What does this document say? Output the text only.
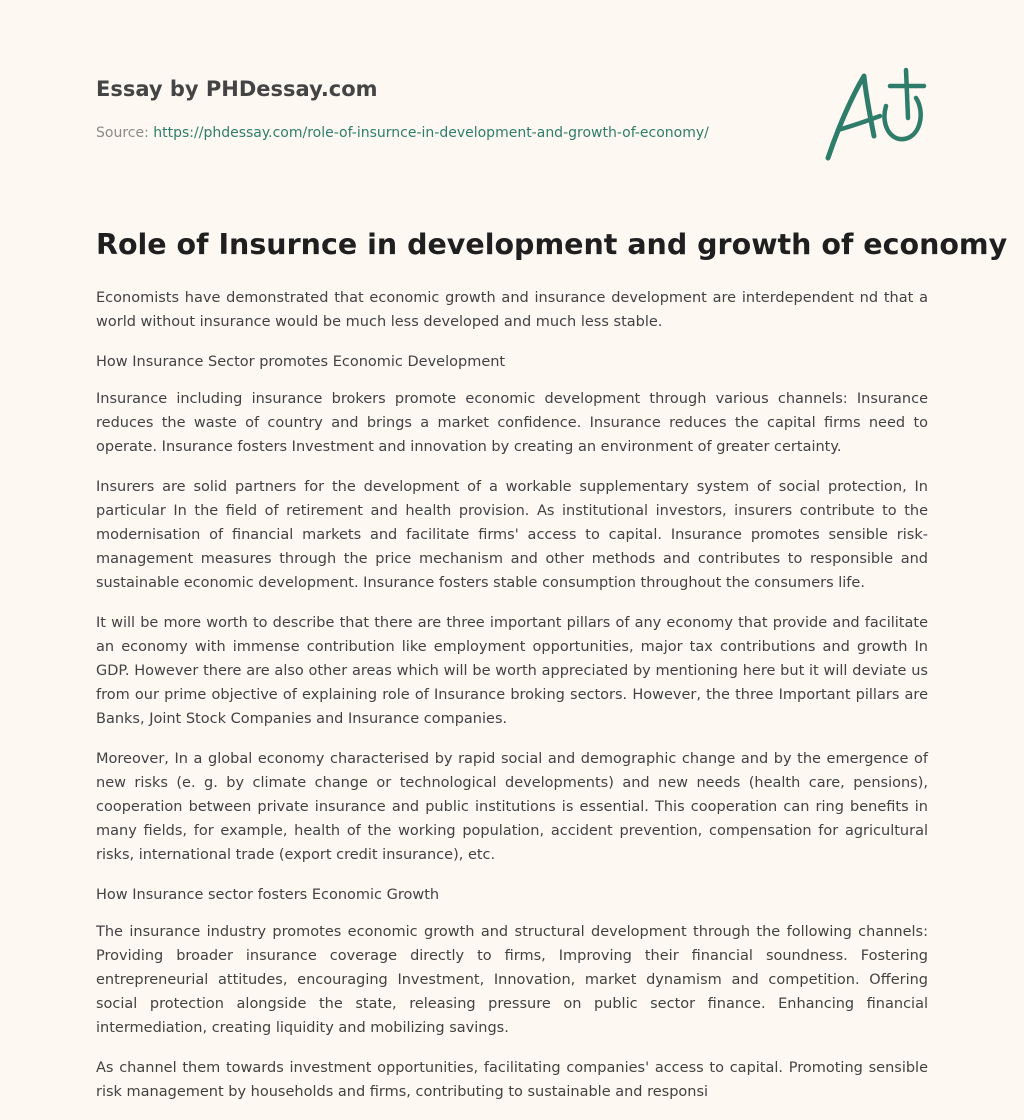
Essay by PHDessay.com
Source: https://phdessay.com/role-of-insurnce-in-development-and-growth-of-economy/
Role of Insurnce in development and growth of economy

Economists have demonstrated that economic growth and insurance development are interdependent nd that a world without insurance would be much less developed and much less stable.

How Insurance Sector promotes Economic Development

Insurance including insurance brokers promote economic development through various channels: Insurance reduces the waste of country and brings a market confidence. Insurance reduces the capital firms need to operate. Insurance fosters Investment and innovation by creating an environment of greater certainty.

Insurers are solid partners for the development of a workable supplementary system of social protection, In particular In the field of retirement and health provision. As institutional investors, insurers contribute to the modernisation of financial markets and facilitate firms' access to capital. Insurance promotes sensible risk-management measures through the price mechanism and other methods and contributes to responsible and sustainable economic development. Insurance fosters stable consumption throughout the consumers life.

It will be more worth to describe that there are three important pillars of any economy that provide and facilitate an economy with immense contribution like employment opportunities, major tax contributions and growth In GDP. However there are also other areas which will be worth appreciated by mentioning here but it will deviate us from our prime objective of explaining role of Insurance broking sectors. However, the three Important pillars are Banks, Joint Stock Companies and Insurance companies.

Moreover, In a global economy characterised by rapid social and demographic change and by the emergence of new risks (e. g. by climate change or technological developments) and new needs (health care, pensions), cooperation between private insurance and public institutions is essential. This cooperation can ring benefits in many fields, for example, health of the working population, accident prevention, compensation for agricultural risks, international trade (export credit insurance), etc.

How Insurance sector fosters Economic Growth

The insurance industry promotes economic growth and structural development through the following channels: Providing broader insurance coverage directly to firms, Improving their financial soundness. Fostering entrepreneurial attitudes, encouraging Investment, Innovation, market dynamism and competition. Offering social protection alongside the state, releasing pressure on public sector finance. Enhancing financial intermediation, creating liquidity and mobilizing savings.

As channel them towards investment opportunities, facilitating companies' access to capital. Promoting sensible risk management by households and firms, contributing to sustainable and responsi
